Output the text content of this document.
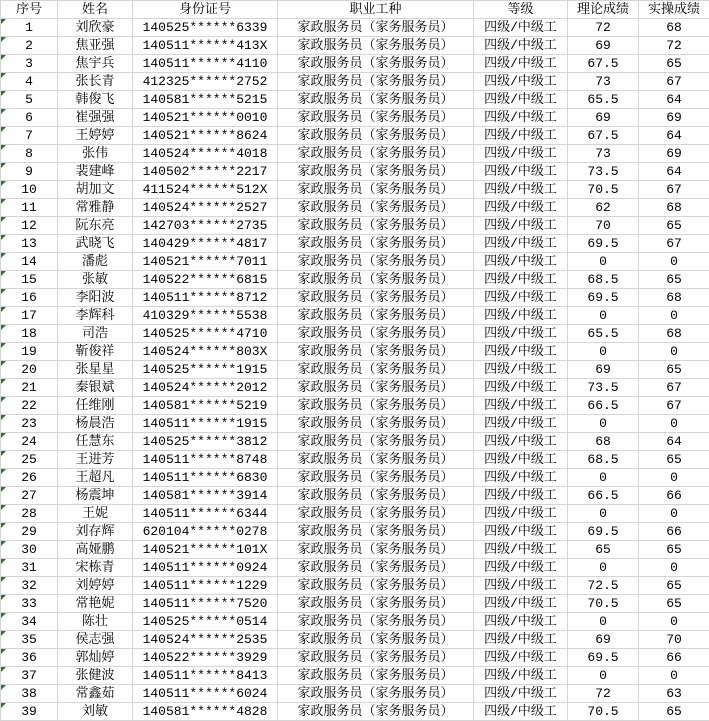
序号	姓名	身份证号	职业工种	等级	理论成绩	实操成绩

1	刘欣豪	140525******6339	家政服务员（家务服务员）	四级/中级工	72	68

2	焦亚强	140511******413X	家政服务员（家务服务员）	四级/中级工	69	72

3	焦宇兵	140511******4110	家政服务员（家务服务员）	四级/中级工	67.5	65

4	张长青	412325******2752	家政服务员（家务服务员）	四级/中级工	73	67

5	韩俊飞	140581******5215	家政服务员（家务服务员）	四级/中级工	65.5	64

6	崔强强	140521******0010	家政服务员（家务服务员）	四级/中级工	69	69

7	王婷婷	140521******8624	家政服务员（家务服务员）	四级/中级工	67.5	64

8	张伟	140524******4018	家政服务员（家务服务员）	四级/中级工	73	69

9	裴建峰	140502******2217	家政服务员（家务服务员）	四级/中级工	73.5	64

10	胡加文	411524******512X	家政服务员（家务服务员）	四级/中级工	70.5	67

11	常雅静	140524******2527	家政服务员（家务服务员）	四级/中级工	62	68

12	阮东亮	142703******2735	家政服务员（家务服务员）	四级/中级工	70	65

13	武晓飞	140429******4817	家政服务员（家务服务员）	四级/中级工	69.5	67

14	潘彪	140521******7011	家政服务员（家务服务员）	四级/中级工	0	0

15	张敏	140522******6815	家政服务员（家务服务员）	四级/中级工	68.5	65

16	李阳波	140511******8712	家政服务员（家务服务员）	四级/中级工	69.5	68

17	李辉科	410329******5538	家政服务员（家务服务员）	四级/中级工	0	0

18	司浩	140525******4710	家政服务员（家务服务员）	四级/中级工	65.5	68

19	靳俊祥	140524******803X	家政服务员（家务服务员）	四级/中级工	0	0

20	张星星	140525******1915	家政服务员（家务服务员）	四级/中级工	69	65

21	秦银斌	140524******2012	家政服务员（家务服务员）	四级/中级工	73.5	67

22	任维刚	140581******5219	家政服务员（家务服务员）	四级/中级工	66.5	67

23	杨晨浩	140511******1915	家政服务员（家务服务员）	四级/中级工	0	0

24	任慧东	140525******3812	家政服务员（家务服务员）	四级/中级工	68	64

25	王进芳	140511******8748	家政服务员（家务服务员）	四级/中级工	68.5	65

26	王超凡	140511******6830	家政服务员（家务服务员）	四级/中级工	0	0

27	杨震坤	140581******3914	家政服务员（家务服务员）	四级/中级工	66.5	66

28	王妮	140511******6344	家政服务员（家务服务员）	四级/中级工	0	0

29	刘存辉	620104******0278	家政服务员（家务服务员）	四级/中级工	69.5	66

30	高娅鹏	140521******101X	家政服务员（家务服务员）	四级/中级工	65	65

31	宋栋青	140511******0924	家政服务员（家务服务员）	四级/中级工	0	0

32	刘婷婷	140511******1229	家政服务员（家务服务员）	四级/中级工	72.5	65

33	常艳妮	140511******7520	家政服务员（家务服务员）	四级/中级工	70.5	65

34	陈壮	140525******0514	家政服务员（家务服务员）	四级/中级工	0	0

35	侯志强	140524******2535	家政服务员（家务服务员）	四级/中级工	69	70

36	郭灿婷	140522******3929	家政服务员（家务服务员）	四级/中级工	69.5	66

37	张健波	140511******8413	家政服务员（家务服务员）	四级/中级工	0	0

38	常鑫茹	140511******6024	家政服务员（家务服务员）	四级/中级工	72	63

39	刘敏	140581******4828	家政服务员（家务服务员）	四级/中级工	70.5	65
